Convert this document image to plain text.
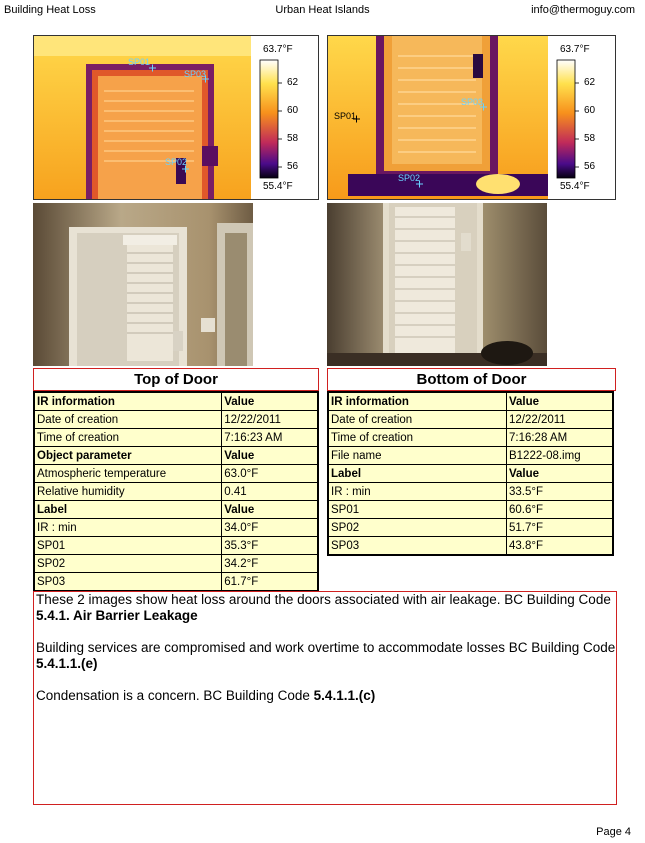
Building Heat Loss	Urban Heat Islands	info@thermoguy.com
SP01
SP03
SP02
63.7°F
62
60
58
56
55.4°F
SP01
SP03
SP02
63.7°F
62
60
58
56
55.4°F
Top of Door	Bottom of Door
IR information	Value
Date of creation	12/22/2011
Time of creation	7:16:23 AM
Object parameter	Value
Atmospheric temperature	63.0°F
Relative humidity	0.41
Label	Value
IR : min	34.0°F
SP01	35.3°F
SP02	34.2°F
SP03	61.7°F
IR information	Value
Date of creation	12/22/2011
Time of creation	7:16:28 AM
File name	B1222-08.img
Label	Value
IR : min	33.5°F
SP01	60.6°F
SP02	51.7°F
SP03	43.8°F

These 2 images show heat loss around the doors associated with air leakage. BC Building Code 5.4.1. Air Barrier Leakage

Building services are compromised and work overtime to accommodate losses BC Building Code 5.4.1.1.(e)

Condensation is a concern. BC Building Code 5.4.1.1.(c)

Page 4
